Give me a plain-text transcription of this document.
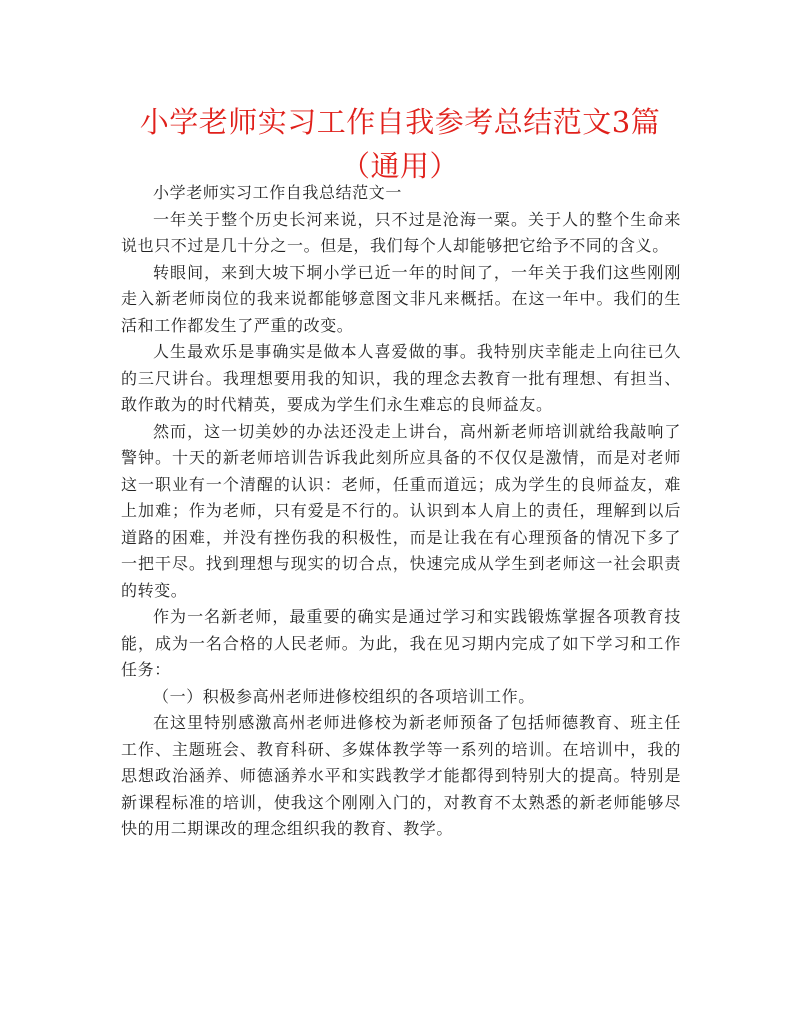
小学老师实习工作自我参考总结范文3篇（通用）

小学老师实习工作自我总结范文一

一年关于整个历史长河来说，只不过是沧海一粟。关于人的整个生命来说也只不过是几十分之一。但是，我们每个人却能够把它给予不同的含义。

转眼间，来到大坡下垌小学已近一年的时间了，一年关于我们这些刚刚走入新老师岗位的我来说都能够意图文非凡来概括。在这一年中。我们的生活和工作都发生了严重的改变。

人生最欢乐是事确实是做本人喜爱做的事。我特别庆幸能走上向往已久的三尺讲台。我理想要用我的知识，我的理念去教育一批有理想、有担当、敢作敢为的时代精英，要成为学生们永生难忘的良师益友。

然而，这一切美妙的办法还没走上讲台，高州新老师培训就给我敲响了警钟。十天的新老师培训告诉我此刻所应具备的不仅仅是激情，而是对老师这一职业有一个清醒的认识：老师，任重而道远；成为学生的良师益友，难上加难；作为老师，只有爱是不行的。认识到本人肩上的责任，理解到以后道路的困难，并没有挫伤我的积极性，而是让我在有心理预备的情况下多了一把干尽。找到理想与现实的切合点，快速完成从学生到老师这一社会职责的转变。

作为一名新老师，最重要的确实是通过学习和实践锻炼掌握各项教育技能，成为一名合格的人民老师。为此，我在见习期内完成了如下学习和工作任务：

（一）积极参高州老师进修校组织的各项培训工作。

在这里特别感激高州老师进修校为新老师预备了包括师德教育、班主任工作、主题班会、教育科研、多媒体教学等一系列的培训。在培训中，我的思想政治涵养、师德涵养水平和实践教学才能都得到特别大的提高。特别是新课程标准的培训，使我这个刚刚入门的，对教育不太熟悉的新老师能够尽快的用二期课改的理念组织我的教育、教学。
